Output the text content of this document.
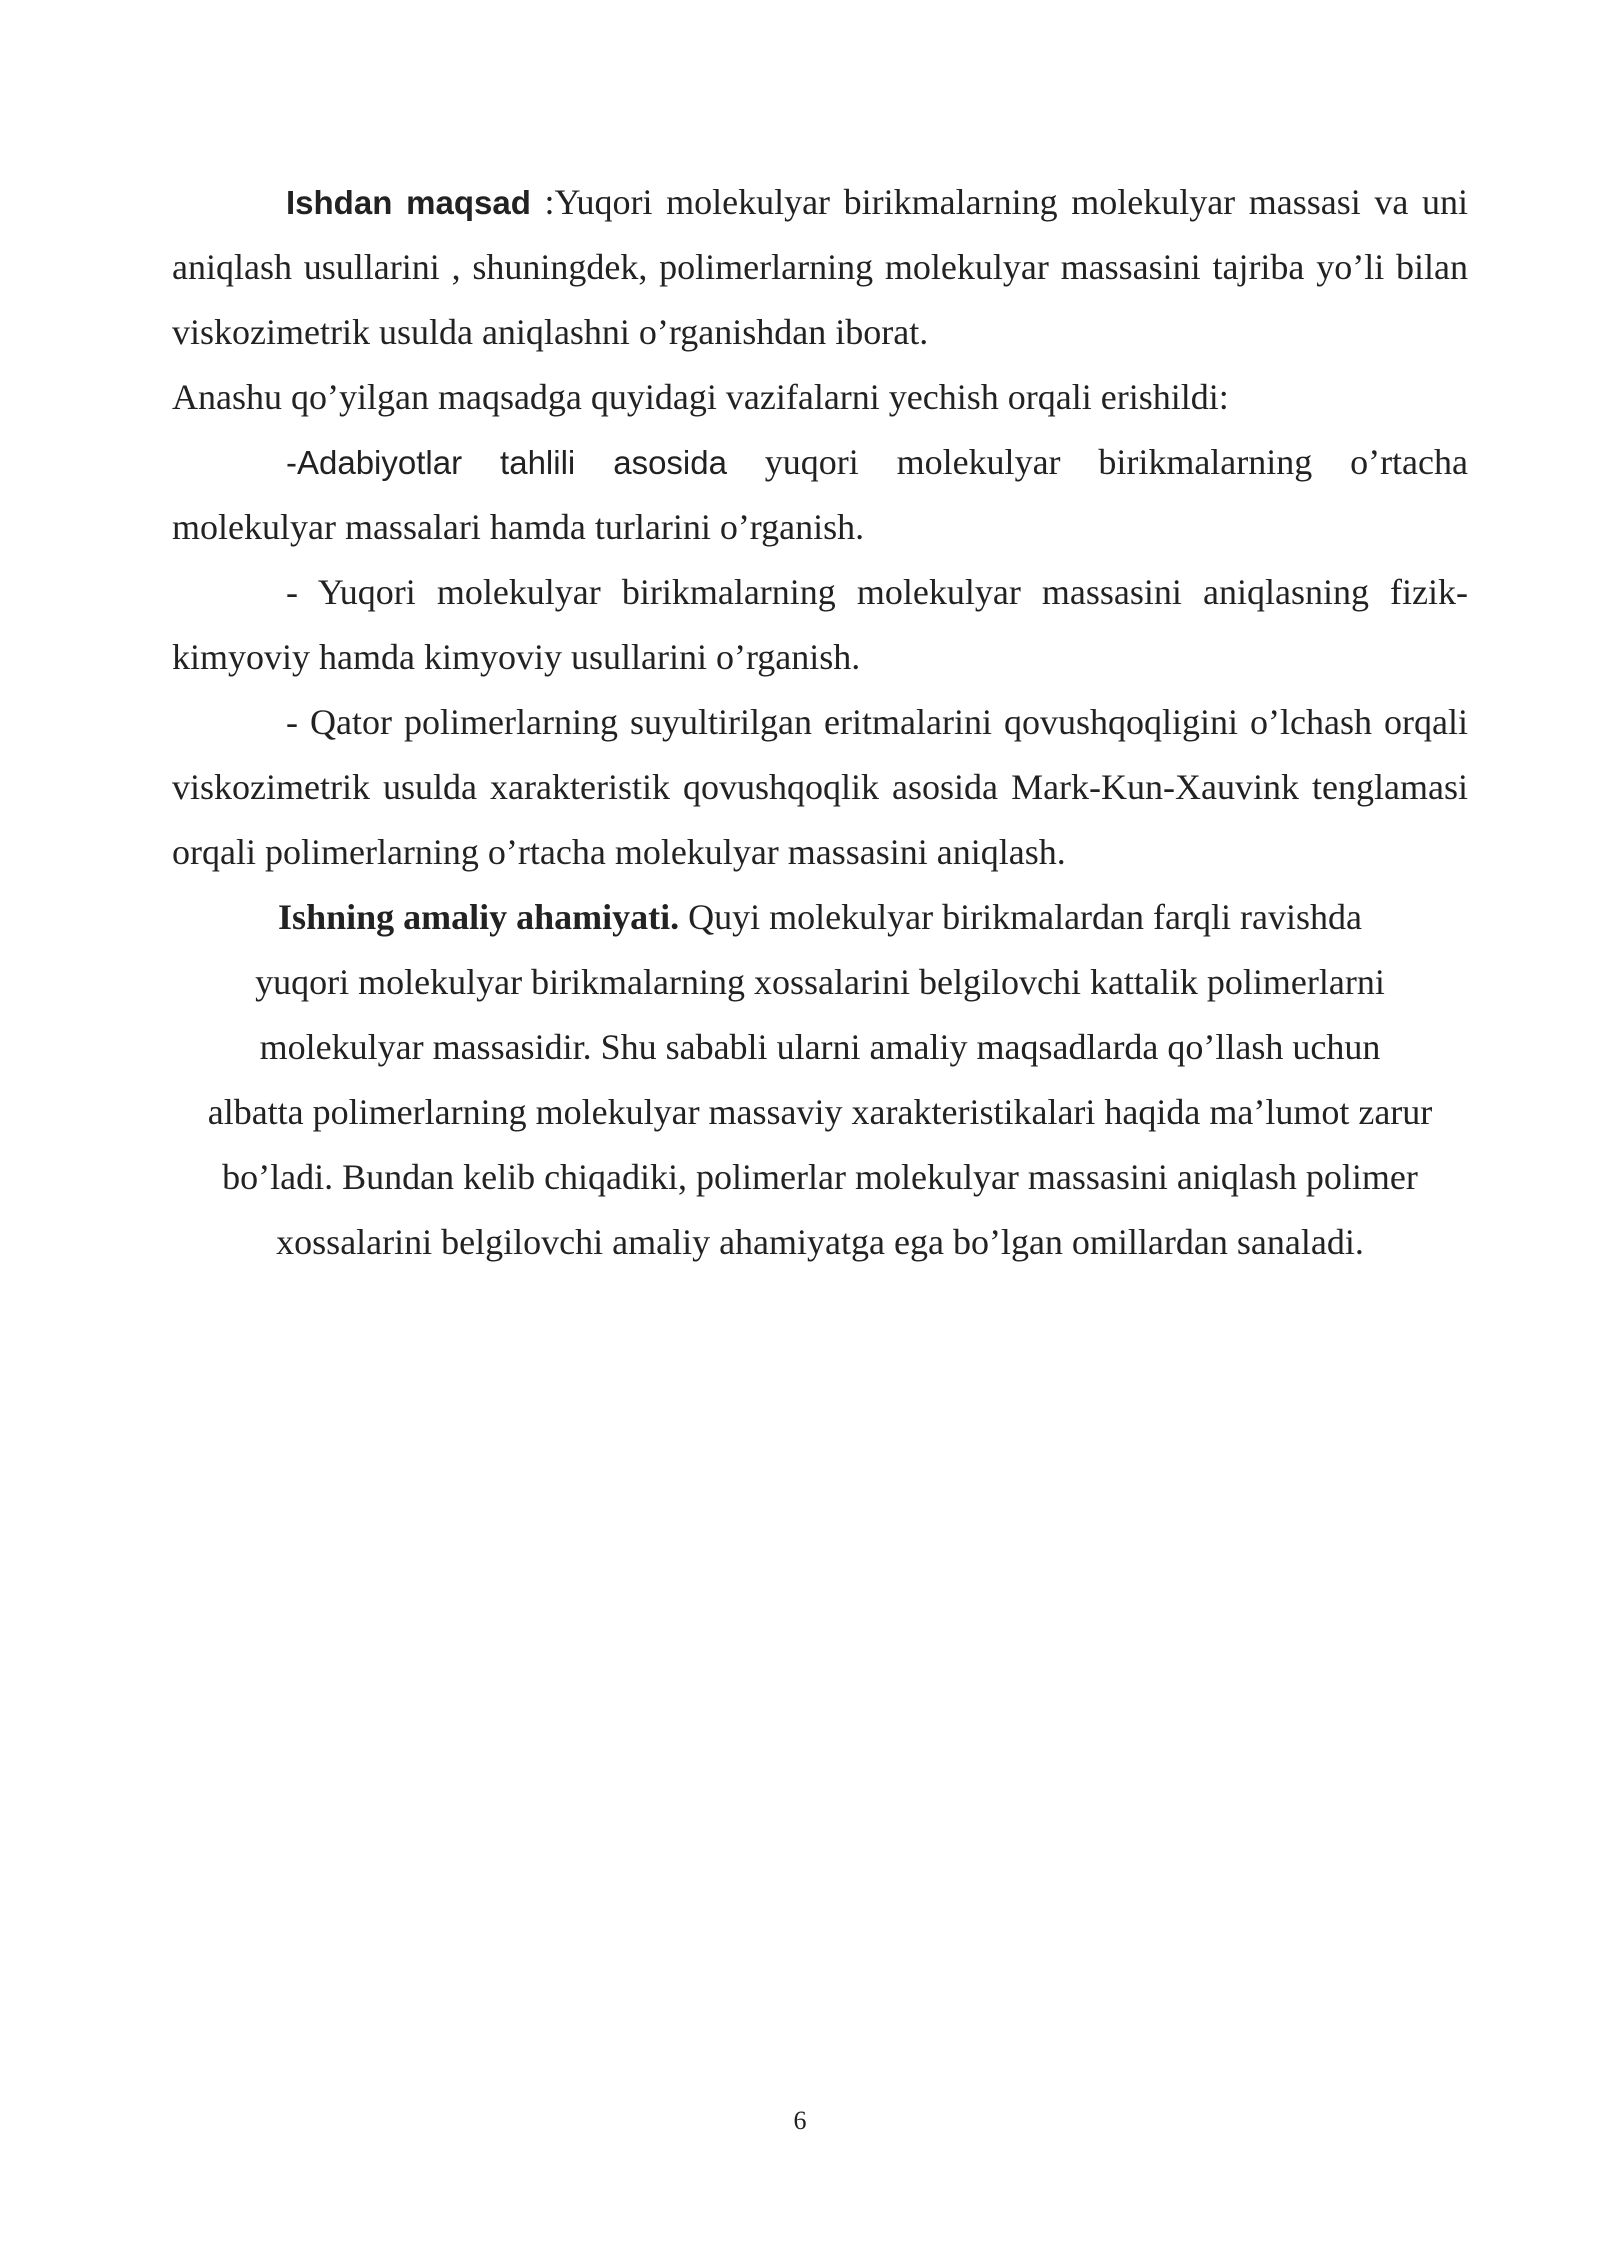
Ishdan maqsad :Yuqori molekulyar birikmalarning molekulyar massasi va uni aniqlash usullarini , shuningdek, polimerlarning molekulyar massasini tajriba yo’li bilan viskozimetrik usulda aniqlashni o’rganishdan iborat.

Anashu qo’yilgan maqsadga quyidagi vazifalarni yechish orqali erishildi:

-Adabiyotlar tahlili asosida yuqori molekulyar birikmalarning o’rtacha molekulyar massalari hamda turlarini o’rganish.

- Yuqori molekulyar birikmalarning molekulyar massasini aniqlasning fizik-kimyoviy hamda kimyoviy usullarini o’rganish.

- Qator polimerlarning suyultirilgan eritmalarini qovushqoqligini o’lchash orqali viskozimetrik usulda xarakteristik qovushqoqlik asosida Mark-Kun-Xauvink tenglamasi orqali polimerlarning o’rtacha molekulyar massasini aniqlash.

Ishning amaliy ahamiyati. Quyi molekulyar birikmalardan farqli ravishda
yuqori molekulyar birikmalarning xossalarini belgilovchi kattalik polimerlarni
molekulyar massasidir. Shu sababli ularni amaliy maqsadlarda qo’llash uchun
albatta polimerlarning molekulyar massaviy xarakteristikalari haqida ma’lumot zarur
bo’ladi. Bundan kelib chiqadiki, polimerlar molekulyar massasini aniqlash polimer
xossalarini belgilovchi amaliy ahamiyatga ega bo’lgan omillardan sanaladi.
6
